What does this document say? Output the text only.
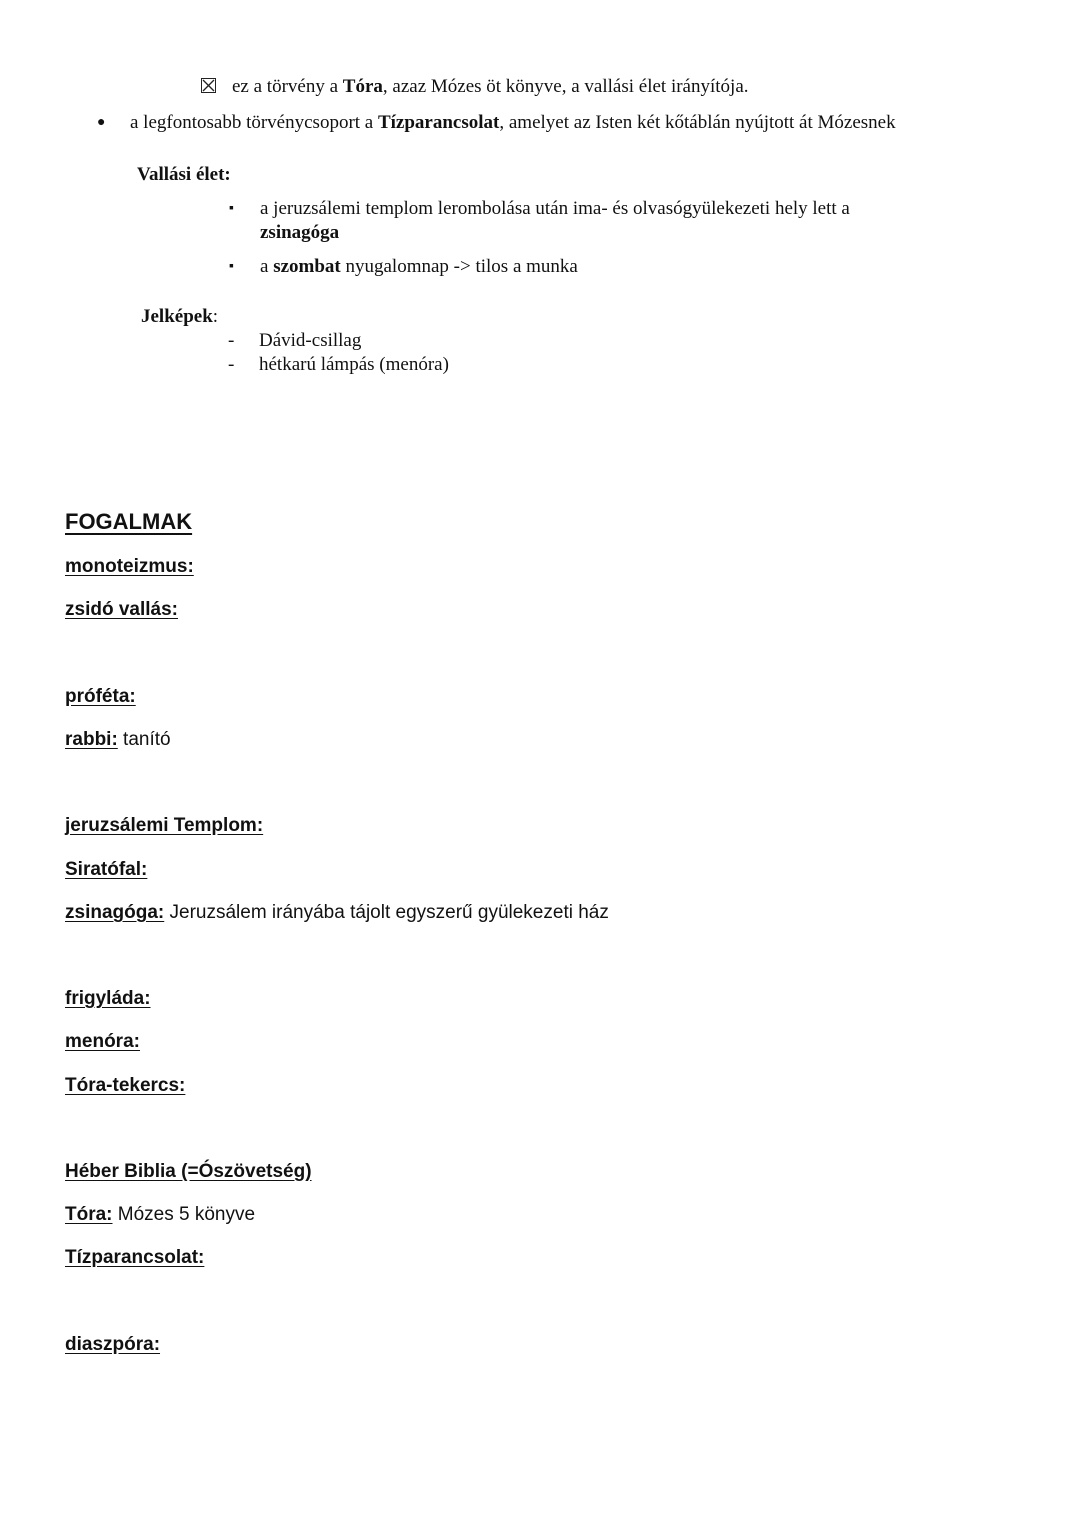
ez a törvény a Tóra, azaz Mózes öt könyve, a vallási élet irányítója.
● a legfontosabb törvénycsoport a Tízparancsolat, amelyet az Isten két kőtáblán nyújtott át Mózesnek
Vallási élet:
▪ a jeruzsálemi templom lerombolása után ima- és olvasógyülekezeti hely lett a
zsinagóga
▪ a szombat nyugalomnap -> tilos a munka
Jelképek:
- Dávid-csillag
- hétkarú lámpás (menóra)
FOGALMAK
monoteizmus:
zsidó vallás:
próféta:
rabbi: tanító
jeruzsálemi Templom:
Siratófal:
zsinagóga: Jeruzsálem irányába tájolt egyszerű gyülekezeti ház
frigyláda:
menóra:
Tóra-tekercs:
Héber Biblia (=Ószövetség)
Tóra: Mózes 5 könyve
Tízparancsolat:
diaszpóra:
